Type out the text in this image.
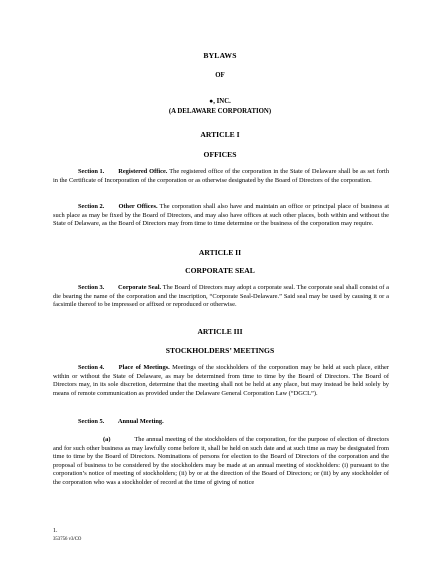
BYLAWS
OF
●, INC.
(A DELAWARE CORPORATION)
ARTICLE I
OFFICES
Section 1. Registered Office. The registered office of the corporation in the State of Delaware shall be as set forth in the Certificate of Incorporation of the corporation or as otherwise designated by the Board of Directors of the corporation.
Section 2. Other Offices. The corporation shall also have and maintain an office or principal place of business at such place as may be fixed by the Board of Directors, and may also have offices at such other places, both within and without the State of Delaware, as the Board of Directors may from time to time determine or the business of the corporation may require.
ARTICLE II
CORPORATE SEAL
Section 3. Corporate Seal. The Board of Directors may adopt a corporate seal. The corporate seal shall consist of a die bearing the name of the corporation and the inscription, “Corporate Seal-Delaware.” Said seal may be used by causing it or a facsimile thereof to be impressed or affixed or reproduced or otherwise.
ARTICLE III
STOCKHOLDERS’ MEETINGS
Section 4. Place of Meetings. Meetings of the stockholders of the corporation may be held at such place, either within or without the State of Delaware, as may be determined from time to time by the Board of Directors. The Board of Directors may, in its sole discretion, determine that the meeting shall not be held at any place, but may instead be held solely by means of remote communication as provided under the Delaware General Corporation Law (“DGCL”).
Section 5. Annual Meeting.
(a)	The annual meeting of the stockholders of the corporation, for the purpose of election of directors and for such other business as may lawfully come before it, shall be held on such date and at such time as may be designated from time to time by the Board of Directors. Nominations of persons for election to the Board of Directors of the corporation and the proposal of business to be considered by the stockholders may be made at an annual meeting of stockholders: (i) pursuant to the corporation’s notice of meeting of stockholders; (ii) by or at the direction of the Board of Directors; or (iii) by any stockholder of the corporation who was a stockholder of record at the time of giving of notice
1.
353756 v3/CO
